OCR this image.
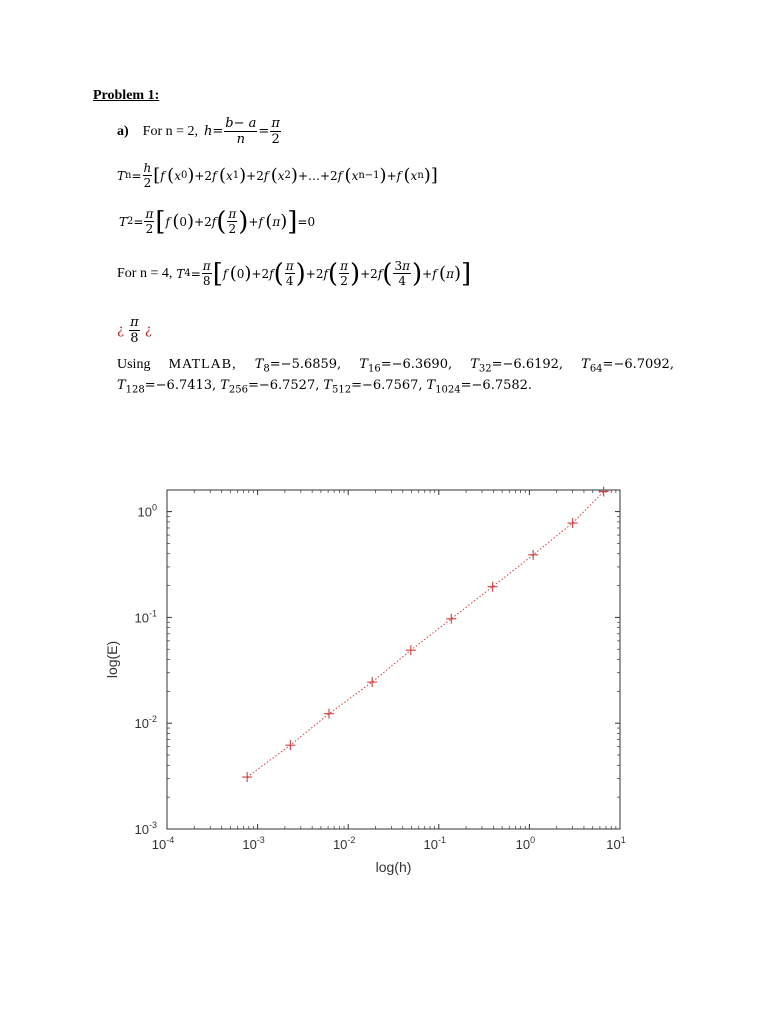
Problem 1:
a) For n = 2, $h = \frac{b- a}{n} = \frac{\pi}{2}$
T $n = \frac{h}{2}$ [ f
  ( x 0 ) +2 f
  ( x 1 ) +2 f
  ( x 2 ) +…+2 f
  ( x n−1 ) + f
  ( x n ) ]
T $2 = \frac{\pi}{2}$ [ f
  ( 0 ) +2 f ( $\frac{\pi}{2}$ ) + f
  ( π ) ] =0
For n = 4, T $4 = \frac{\pi}{8}$ [ f
  ( 0 ) +2 f ( $\frac{\pi}{4}$ ) +2 f ( $\frac{\pi}{2}$ ) +2 f ( $\frac{3\pi}{4}$ ) + f
  ( π ) ]
¿
$\frac{\pi}{8}$
¿
Using MATLAB, $T_8=-5.6859$, $T_{16}=-6.3690$, $T_{32}=-6.6192$, $T_{64}=-6.7092$,
$T_{128}=-6.7413$, $T_{256}=-6.7527$, $T_{512}=-6.7567$, $T_{1024}=-6.7582$.
$10^{-4}$	$10^{-3}$	$10^{-2}$	$10^{-1}$	$10^0$	$10^1$
$10^{-3}$
$10^{-2}$
$10^{-1}$
$10^0$
log(h)
log(E)
